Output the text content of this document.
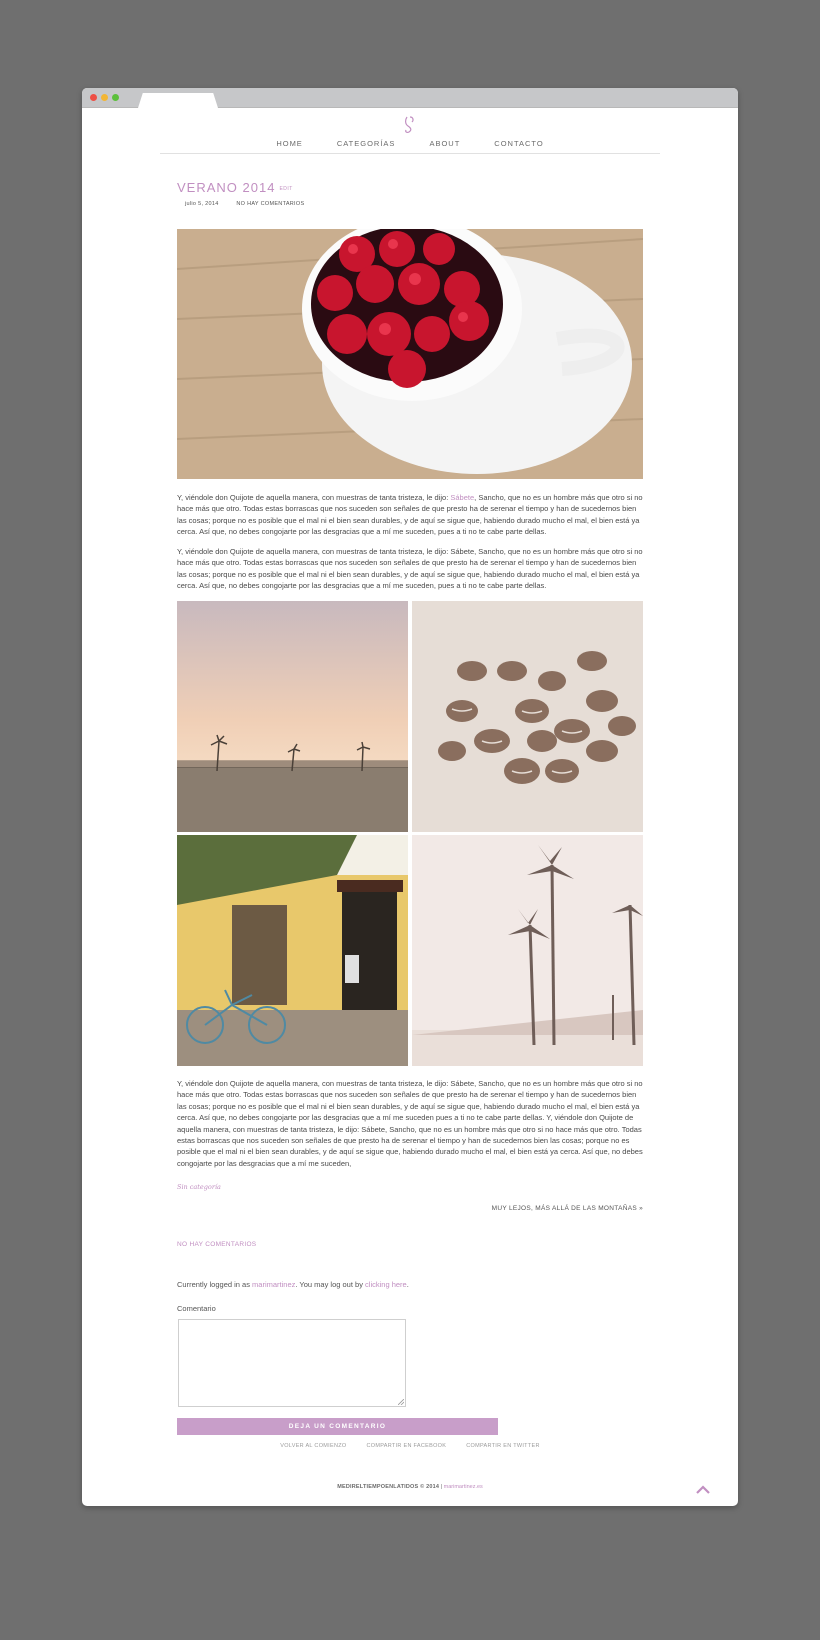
HOME	CATEGORÍAS	ABOUT	CONTACTO
VERANO 2014 EDIT
julio 5, 2014	NO HAY COMENTARIOS

Y, viéndole don Quijote de aquella manera, con muestras de tanta tristeza, le dijo: Sábete, Sancho, que no es un hombre más que otro si no hace más que otro. Todas estas borrascas que nos suceden son señales de que presto ha de serenar el tiempo y han de sucedernos bien las cosas; porque no es posible que el mal ni el bien sean durables, y de aquí se sigue que, habiendo durado mucho el mal, el bien está ya cerca. Así que, no debes congojarte por las desgracias que a mí me suceden, pues a ti no te cabe parte dellas.

Y, viéndole don Quijote de aquella manera, con muestras de tanta tristeza, le dijo: Sábete, Sancho, que no es un hombre más que otro si no hace más que otro. Todas estas borrascas que nos suceden son señales de que presto ha de serenar el tiempo y han de sucedernos bien las cosas; porque no es posible que el mal ni el bien sean durables, y de aquí se sigue que, habiendo durado mucho el mal, el bien está ya cerca. Así que, no debes congojarte por las desgracias que a mí me suceden, pues a ti no te cabe parte dellas.

Y, viéndole don Quijote de aquella manera, con muestras de tanta tristeza, le dijo: Sábete, Sancho, que no es un hombre más que otro si no hace más que otro. Todas estas borrascas que nos suceden son señales de que presto ha de serenar el tiempo y han de sucedernos bien las cosas; porque no es posible que el mal ni el bien sean durables, y de aquí se sigue que, habiendo durado mucho el mal, el bien está ya cerca. Así que, no debes congojarte por las desgracias que a mí me suceden pues a ti no te cabe parte dellas. Y, viéndole don Quijote de aquella manera, con muestras de tanta tristeza, le dijo: Sábete, Sancho, que no es un hombre más que otro si no hace más que otro. Todas estas borrascas que nos suceden son señales de que presto ha de serenar el tiempo y han de sucedernos bien las cosas; porque no es posible que el mal ni el bien sean durables, y de aquí se sigue que, habiendo durado mucho el mal, el bien está ya cerca. Así que, no debes congojarte por las desgracias que a mí me suceden,

Sin categoría
MUY LEJOS, MÁS ALLÁ DE LAS MONTAÑAS »
NO HAY COMENTARIOS
Currently logged in as marimartinez. You may log out by clicking here.
Comentario
DEJA UN COMENTARIO
VOLVER AL COMIENZO	COMPARTIR EN FACEBOOK	COMPARTIR EN TWITTER
MEDIRELTIEMPOENLATIDOS © 2014 | marimartinez.es
